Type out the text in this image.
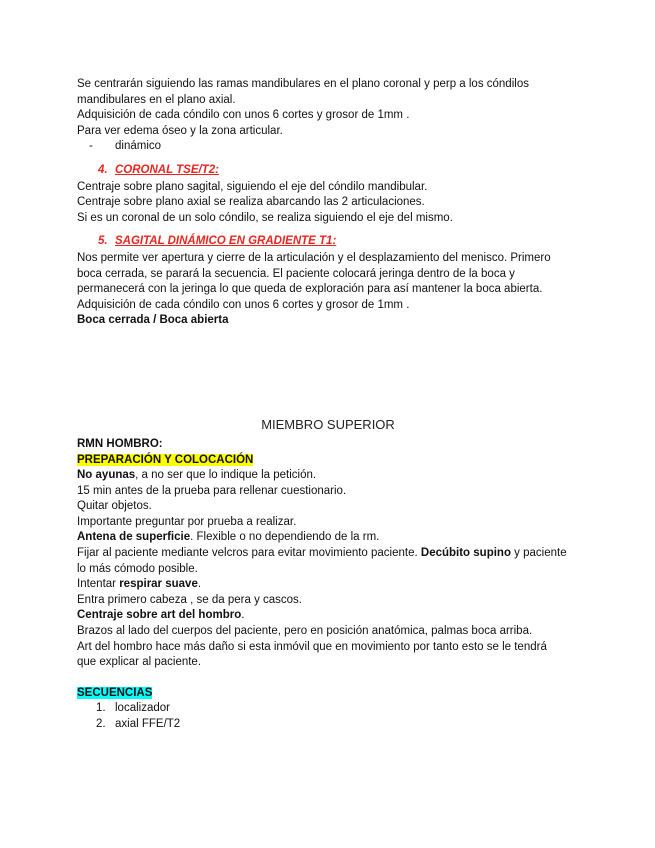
Se centrarán siguiendo las ramas mandibulares en el plano coronal y perp a los cóndilos
mandibulares en el plano axial.
Adquisición de cada cóndilo con unos 6 cortes y grosor de 1mm .
Para ver edema óseo y la zona articular.
- dinámico
4. CORONAL TSE/T2:
Centraje sobre plano sagital, siguiendo el eje del cóndilo mandibular.
Centraje sobre plano axial se realiza abarcando las 2 articulaciones.
Si es un coronal de un solo cóndilo, se realiza siguiendo el eje del mismo.
5. SAGITAL DINÁMICO EN GRADIENTE T1:
Nos permite ver apertura y cierre de la articulación y el desplazamiento del menisco. Primero
boca cerrada, se parará la secuencia. El paciente colocará jeringa dentro de la boca y
permanecerá con la jeringa lo que queda de exploración para así mantener la boca abierta.
Adquisición de cada cóndilo con unos 6 cortes y grosor de 1mm .
Boca cerrada / Boca abierta
MIEMBRO SUPERIOR
RMN HOMBRO:
PREPARACIÓN Y COLOCACIÓN
No ayunas, a no ser que lo indique la petición.
15 min antes de la prueba para rellenar cuestionario.
Quitar objetos.
Importante preguntar por prueba a realizar.
Antena de superficie. Flexible o no dependiendo de la rm.
Fijar al paciente mediante velcros para evitar movimiento paciente. Decúbito supino y paciente
lo más cómodo posible.
Intentar respirar suave.
Entra primero cabeza , se da pera y cascos.
Centraje sobre art del hombro.
Brazos al lado del cuerpos del paciente, pero en posición anatómica, palmas boca arriba.
Art del hombro hace más daño si esta inmóvil que en movimiento por tanto esto se le tendrá
que explicar al paciente.
SECUENCIAS
1. localizador
2. axial FFE/T2
